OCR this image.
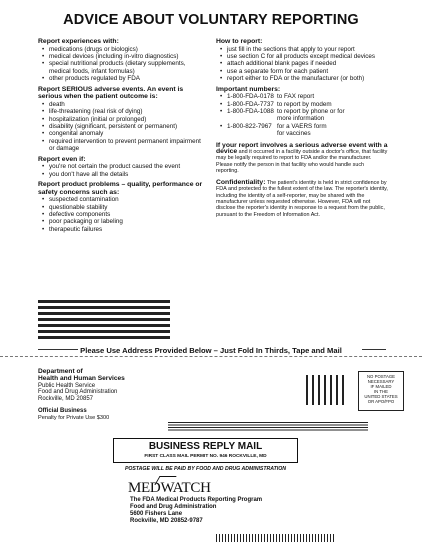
ADVICE ABOUT VOLUNTARY REPORTING
Report experiences with:
• medications (drugs or biologics)
• medical devices (including in-vitro diagnostics)
• special nutritional products (dietary supplements, medical foods, infant formulas)
• other products regulated by FDA
Report SERIOUS adverse events. An event is serious when the patient outcome is:
• death
• life-threatening (real risk of dying)
• hospitalization (initial or prolonged)
• disability (significant, persistent or permanent)
• congenital anomaly
• required intervention to prevent permanent impairment or damage
Report even if:
• you're not certain the product caused the event
• you don't have all the details
Report product problems – quality, performance or safety concerns such as:
• suspected contamination
• questionable stability
• defective components
• poor packaging or labeling
• therapeutic failures
How to report:
• just fill in the sections that apply to your report
• use section C for all products except medical devices
• attach additional blank pages if needed
• use a separate form for each patient
• report either to FDA or the manufacturer (or both)
Important numbers:
• 1-800-FDA-0178 to FAX report
• 1-800-FDA-7737 to report by modem
• 1-800-FDA-1088 to report by phone or for
more information
• 1-800-822-7967 for a VAERS form
for vaccines
If your report involves a serious adverse event with a device and it occurred in a facility outside a doctor's office, that facility may be legally required to report to FDA and/or the manufacturer. Please notify the person in that facility who would handle such reporting.
Confidentiality: The patient's identity is held in strict confidence by FDA and protected to the fullest extent of the law. The reporter's identity, including the identity of a self-reporter, may be shared with the manufacturer unless requested otherwise. However, FDA will not disclose the reporter's identity in response to a request from the public, pursuant to the Freedom of Information Act.
Please Use Address Provided Below – Just Fold In Thirds, Tape and Mail
Department of
Health and Human Services
Public Health Service
Food and Drug Administration
Rockville, MD 20857
Official Business
Penalty for Private Use $300
NO POSTAGE
NECESSARY
IF MAILED
IN THE
UNITED STATES
OR APO/FPO
BUSINESS REPLY MAIL
FIRST CLASS MAIL PERMIT NO. 946 ROCKVILLE, MD
POSTAGE WILL BE PAID BY FOOD AND DRUG ADMINISTRATION
MEDWATCH
The FDA Medical Products Reporting Program
Food and Drug Administration
5600 Fishers Lane
Rockville, MD 20852-9787
